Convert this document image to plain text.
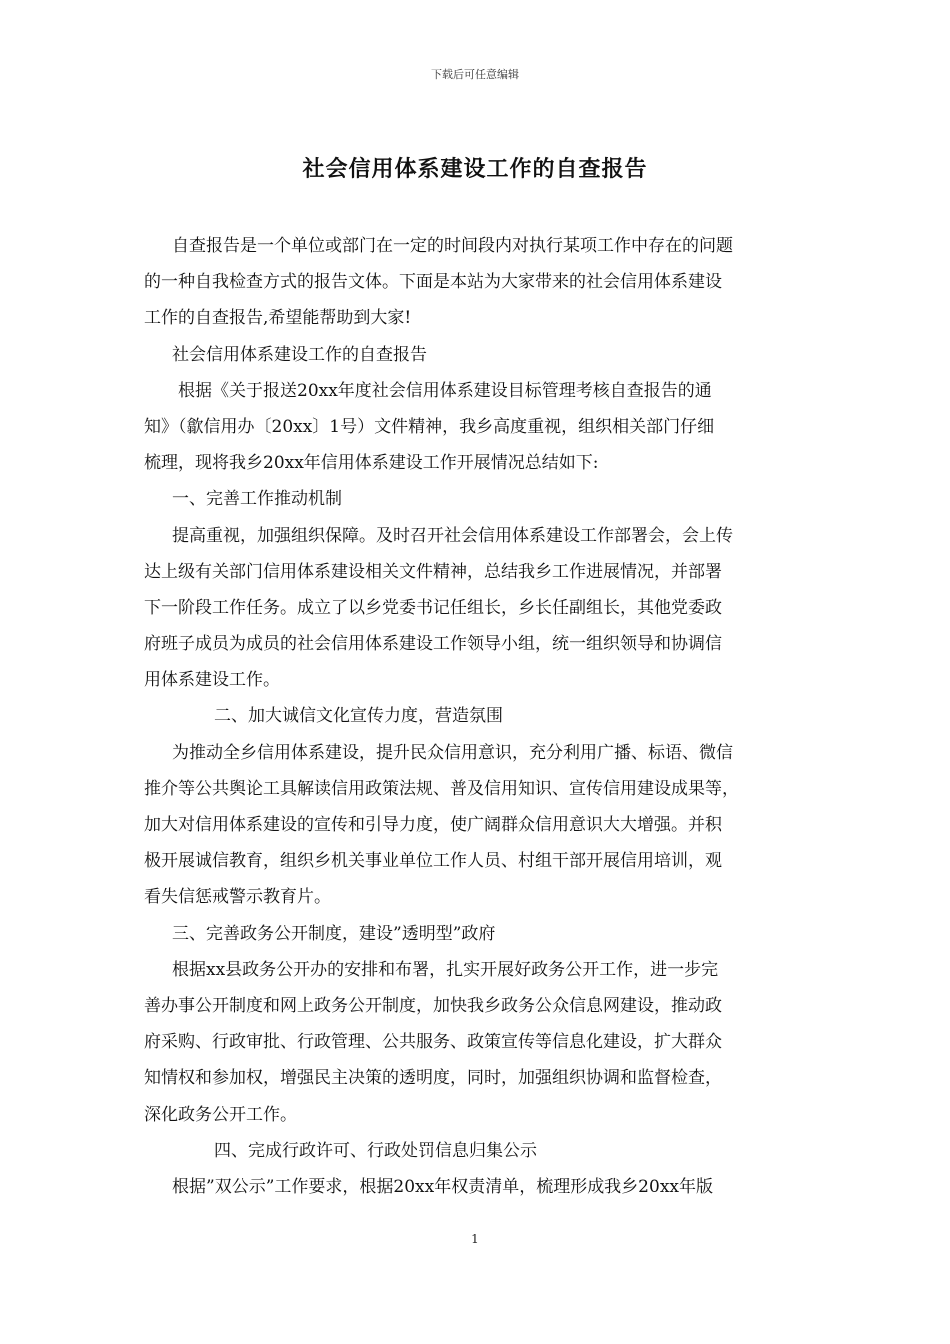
下载后可任意编辑
社会信用体系建设工作的自查报告
自查报告是一个单位或部门在一定的时间段内对执行某项工作中存在的问题
的一种自我检查方式的报告文体。下面是本站为大家带来的社会信用体系建设
工作的自查报告,希望能帮助到大家!
社会信用体系建设工作的自查报告
根据《关于报送20xx年度社会信用体系建设目标管理考核自查报告的通
知》（歙信用办〔20xx〕1号）文件精神，我乡高度重视，组织相关部门仔细
梳理，现将我乡20xx年信用体系建设工作开展情况总结如下:
一、完善工作推动机制
提高重视，加强组织保障。及时召开社会信用体系建设工作部署会，会上传
达上级有关部门信用体系建设相关文件精神，总结我乡工作进展情况，并部署
下一阶段工作任务。成立了以乡党委书记任组长，乡长任副组长，其他党委政
府班子成员为成员的社会信用体系建设工作领导小组，统一组织领导和协调信
用体系建设工作。
二、加大诚信文化宣传力度，营造氛围
为推动全乡信用体系建设，提升民众信用意识，充分利用广播、标语、微信
推介等公共舆论工具解读信用政策法规、普及信用知识、宣传信用建设成果等，
加大对信用体系建设的宣传和引导力度，使广阔群众信用意识大大增强。并积
极开展诚信教育，组织乡机关事业单位工作人员、村组干部开展信用培训，观
看失信惩戒警示教育片。
三、完善政务公开制度，建设”透明型”政府
根据xx县政务公开办的安排和布署，扎实开展好政务公开工作，进一步完
善办事公开制度和网上政务公开制度，加快我乡政务公众信息网建设，推动政
府采购、行政审批、行政管理、公共服务、政策宣传等信息化建设，扩大群众
知情权和参加权，增强民主决策的透明度，同时，加强组织协调和监督检查，
深化政务公开工作。
四、完成行政许可、行政处罚信息归集公示
根据”双公示”工作要求，根据20xx年权责清单，梳理形成我乡20xx年版
1
